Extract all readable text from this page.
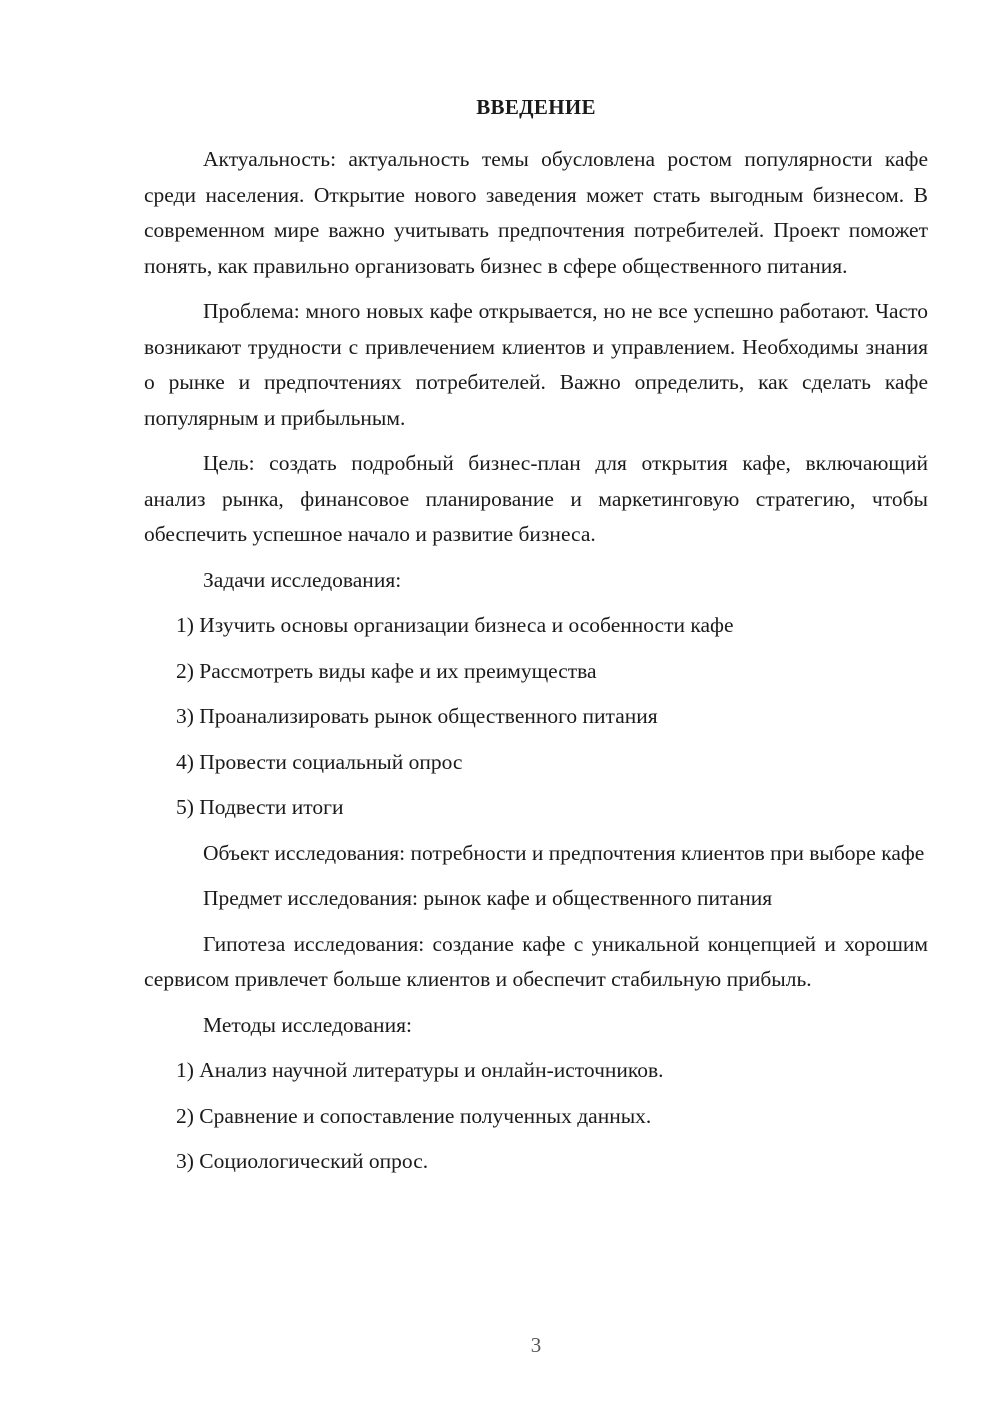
ВВЕДЕНИЕ

Актуальность: актуальность темы обусловлена ростом популярности кафе среди населения. Открытие нового заведения может стать выгодным бизнесом. В современном мире важно учитывать предпочтения потребителей. Проект поможет понять, как правильно организовать бизнес в сфере общественного питания.

Проблема: много новых кафе открывается, но не все успешно работают. Часто возникают трудности с привлечением клиентов и управлением. Необходимы знания о рынке и предпочтениях потребителей. Важно определить, как сделать кафе популярным и прибыльным.

Цель: создать подробный бизнес-план для открытия кафе, включающий анализ рынка, финансовое планирование и маркетинговую стратегию, чтобы обеспечить успешное начало и развитие бизнеса.

Задачи исследования:

1) Изучить основы организации бизнеса и особенности кафе
2) Рассмотреть виды кафе и их преимущества
3) Проанализировать рынок общественного питания
4) Провести социальный опрос
5) Подвести итоги

Объект исследования: потребности и предпочтения клиентов при выборе кафе

Предмет исследования: рынок кафе и общественного питания

Гипотеза исследования: создание кафе с уникальной концепцией и хорошим сервисом привлечет больше клиентов и обеспечит стабильную прибыль.

Методы исследования:

1) Анализ научной литературы и онлайн-источников.
2) Сравнение и сопоставление полученных данных.
3) Социологический опрос.
3
